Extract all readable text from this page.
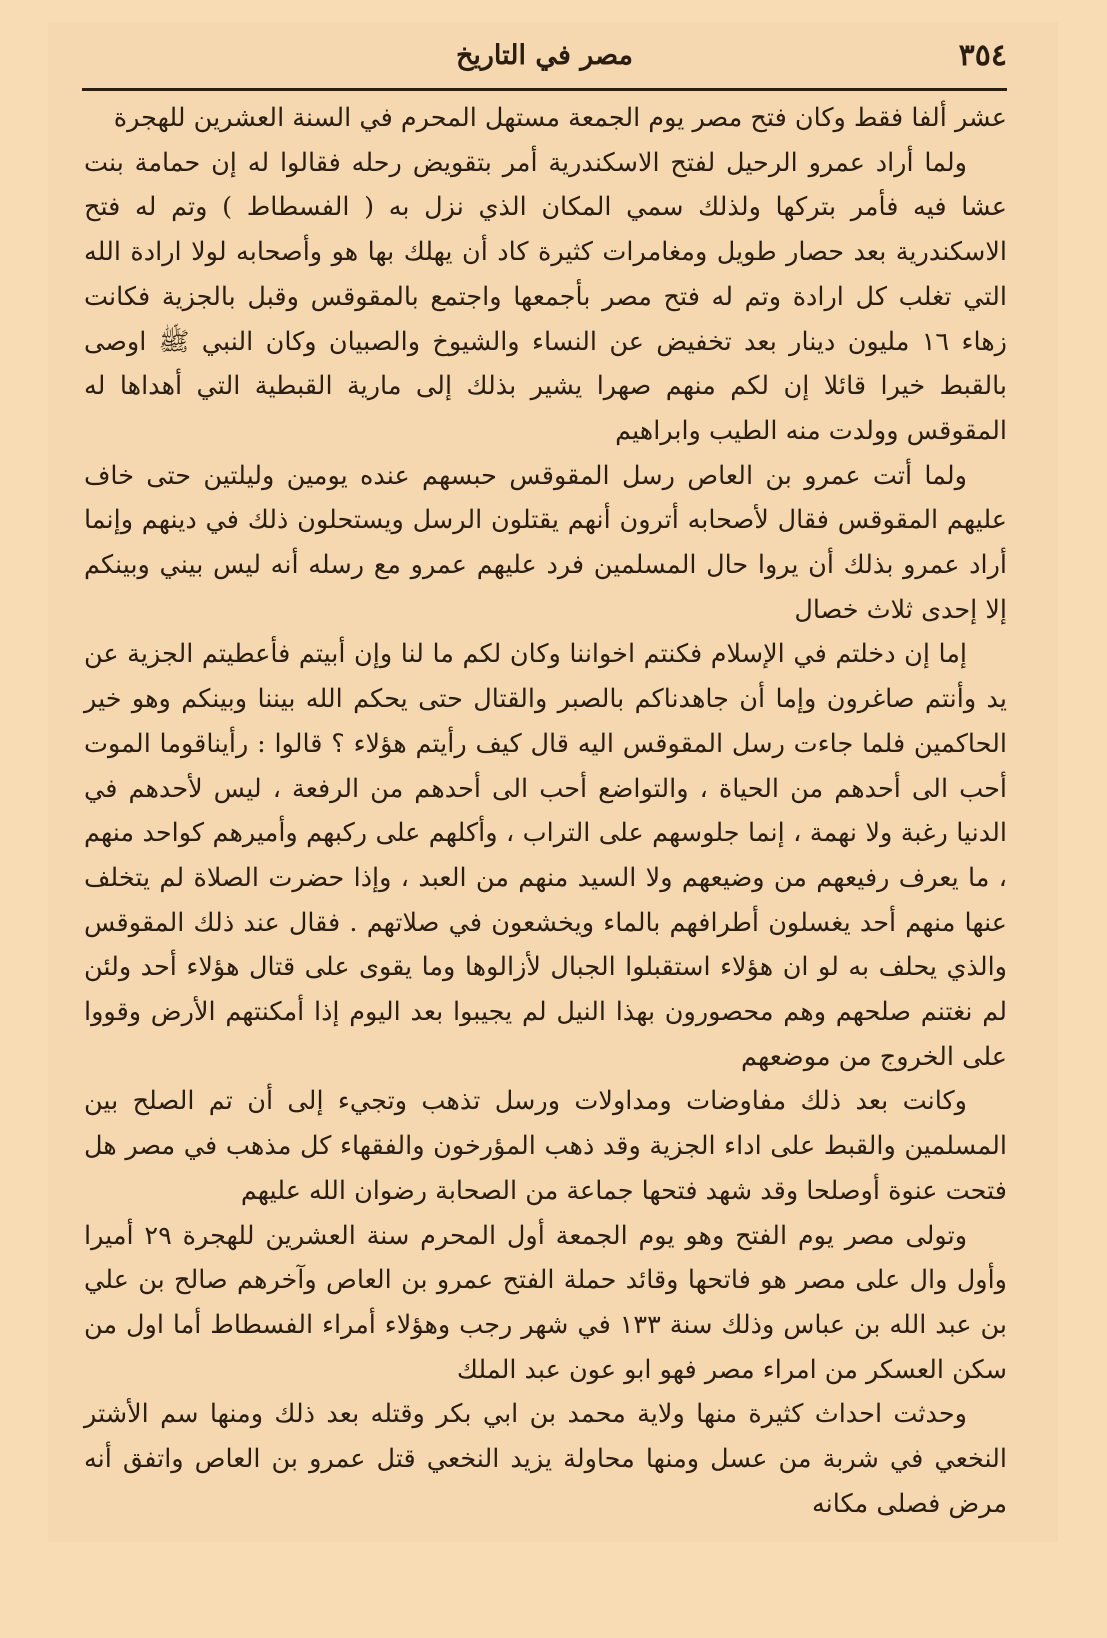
٣٥٤
مصر في التاريخ

عشر ألفا فقط وكان فتح مصر يوم الجمعة مستهل المحرم في السنة العشرين للهجرة

ولما أراد عمرو الرحيل لفتح الاسكندرية أمر بتقويض رحله فقالوا له إن حمامة بنت عشا فيه فأمر بتركها ولذلك سمي المكان الذي نزل به ( الفسطاط ) وتم له فتح الاسكندرية بعد حصار طويل ومغامرات كثيرة كاد أن يهلك بها هو وأصحابه لولا ارادة الله التي تغلب كل ارادة وتم له فتح مصر بأجمعها واجتمع بالمقوقس وقبل بالجزية فكانت زهاء ١٦ مليون دينار بعد تخفيض عن النساء والشيوخ والصبيان وكان النبي ﷺ اوصى بالقبط خيرا قائلا إن لكم منهم صهرا يشير بذلك إلى مارية القبطية التي أهداها له المقوقس وولدت منه الطيب وابراهيم

ولما أتت عمرو بن العاص رسل المقوقس حبسهم عنده يومين وليلتين حتى خاف عليهم المقوقس فقال لأصحابه أترون أنهم يقتلون الرسل ويستحلون ذلك في دينهم وإنما أراد عمرو بذلك أن يروا حال المسلمين فرد عليهم عمرو مع رسله أنه ليس بيني وبينكم إلا إحدى ثلاث خصال

إما إن دخلتم في الإسلام فكنتم اخواننا وكان لكم ما لنا وإن أبيتم فأعطيتم الجزية عن يد وأنتم صاغرون وإما أن جاهدناكم بالصبر والقتال حتى يحكم الله بيننا وبينكم وهو خير الحاكمين فلما جاءت رسل المقوقس اليه قال كيف رأيتم هؤلاء ؟ قالوا : رأيناقوما الموت أحب الى أحدهم من الحياة ، والتواضع أحب الى أحدهم من الرفعة ، ليس لأحدهم في الدنيا رغبة ولا نهمة ، إنما جلوسهم على التراب ، وأكلهم على ركبهم وأميرهم كواحد منهم ، ما يعرف رفيعهم من وضيعهم ولا السيد منهم من العبد ، وإذا حضرت الصلاة لم يتخلف عنها منهم أحد يغسلون أطرافهم بالماء ويخشعون في صلاتهم . فقال عند ذلك المقوقس والذي يحلف به لو ان هؤلاء استقبلوا الجبال لأزالوها وما يقوى على قتال هؤلاء أحد ولئن لم نغتنم صلحهم وهم محصورون بهذا النيل لم يجيبوا بعد اليوم إذا أمكنتهم الأرض وقووا على الخروج من موضعهم

وكانت بعد ذلك مفاوضات ومداولات ورسل تذهب وتجيء إلى أن تم الصلح بين المسلمين والقبط على اداء الجزية وقد ذهب المؤرخون والفقهاء كل مذهب في مصر هل فتحت عنوة أوصلحا وقد شهد فتحها جماعة من الصحابة رضوان الله عليهم

وتولى مصر يوم الفتح وهو يوم الجمعة أول المحرم سنة العشرين للهجرة ٢٩ أميرا وأول وال على مصر هو فاتحها وقائد حملة الفتح عمرو بن العاص وآخرهم صالح بن علي بن عبد الله بن عباس وذلك سنة ١٣٣ في شهر رجب وهؤلاء أمراء الفسطاط أما اول من سكن العسكر من امراء مصر فهو ابو عون عبد الملك

وحدثت احداث كثيرة منها ولاية محمد بن ابي بكر وقتله بعد ذلك ومنها سم الأشتر النخعي في شربة من عسل ومنها محاولة يزيد النخعي قتل عمرو بن العاص واتفق أنه مرض فصلى مكانه
